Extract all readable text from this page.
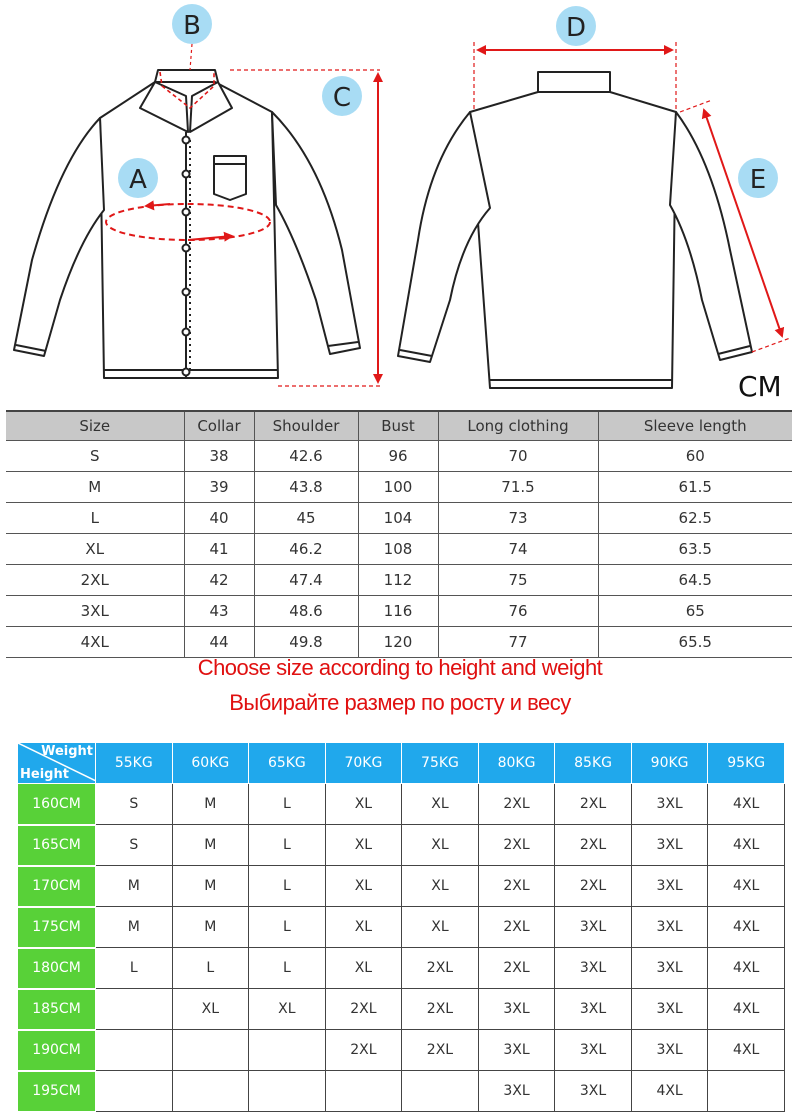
A
B
C
D
E
CM
Size	Collar	Shoulder	Bust	Long clothing	Sleeve length
S	38	42.6	96	70	60
M	39	43.8	100	71.5	61.5
L	40	45	104	73	62.5
XL	41	46.2	108	74	63.5
2XL	42	47.4	112	75	64.5
3XL	43	48.6	116	76	65
4XL	44	49.8	120	77	65.5
Choose size according to height and weight
Выбирайте размер по росту и весу
Weight
Height	55KG	60KG	65KG	70KG	75KG	80KG	85KG	90KG	95KG
160CM	S	M	L	XL	XL	2XL	2XL	3XL	4XL
165CM	S	M	L	XL	XL	2XL	2XL	3XL	4XL
170CM	M	M	L	XL	XL	2XL	2XL	3XL	4XL
175CM	M	M	L	XL	XL	2XL	3XL	3XL	4XL
180CM	L	L	L	XL	2XL	2XL	3XL	3XL	4XL
185CM		XL	XL	2XL	2XL	3XL	3XL	3XL	4XL
190CM				2XL	2XL	3XL	3XL	3XL	4XL
195CM						3XL	3XL	4XL	
